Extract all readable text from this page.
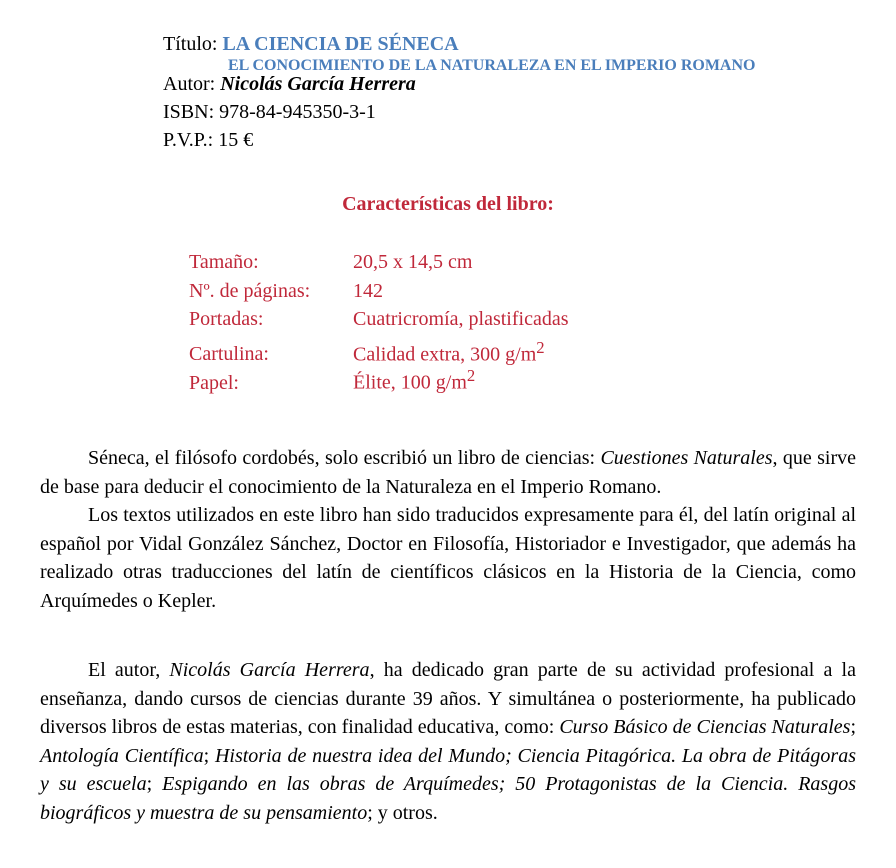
Título: LA CIENCIA DE SÉNECA
Autor: Nicolás García Herrera
ISBN: 978-84-945350-3-1
P.V.P.: 15 €
EL CONOCIMIENTO DE LA NATURALEZA EN EL IMPERIO ROMANO
Características del libro:
Tamaño:	20,5 x 14,5 cm
Nº. de páginas: 142
Portadas:	Cuatricromía, plastificadas
Cartulina:	Calidad extra, 300 $g/m^2$
Papel:	Élite, 100 $g/m^2$

Séneca, el filósofo cordobés, solo escribió un libro de ciencias: Cuestiones Naturales, que sirve de base para deducir el conocimiento de la Naturaleza en el Imperio Romano.

Los textos utilizados en este libro han sido traducidos expresamente para él, del latín original al español por Vidal González Sánchez, Doctor en Filosofía, Historiador e Investigador, que además ha realizado otras traducciones del latín de científicos clásicos en la Historia de la Ciencia, como Arquímedes o Kepler.

El autor, Nicolás García Herrera, ha dedicado gran parte de su actividad profesional a la enseñanza, dando cursos de ciencias durante 39 años. Y simultánea o posteriormente, ha publicado diversos libros de estas materias, con finalidad educativa, como: Curso Básico de Ciencias Naturales; Antología Científica; Historia de nuestra idea del Mundo; Ciencia Pitagórica. La obra de Pitágoras y su escuela; Espigando en las obras de Arquímedes; 50 Protagonistas de la Ciencia. Rasgos biográficos y muestra de su pensamiento; y otros.
